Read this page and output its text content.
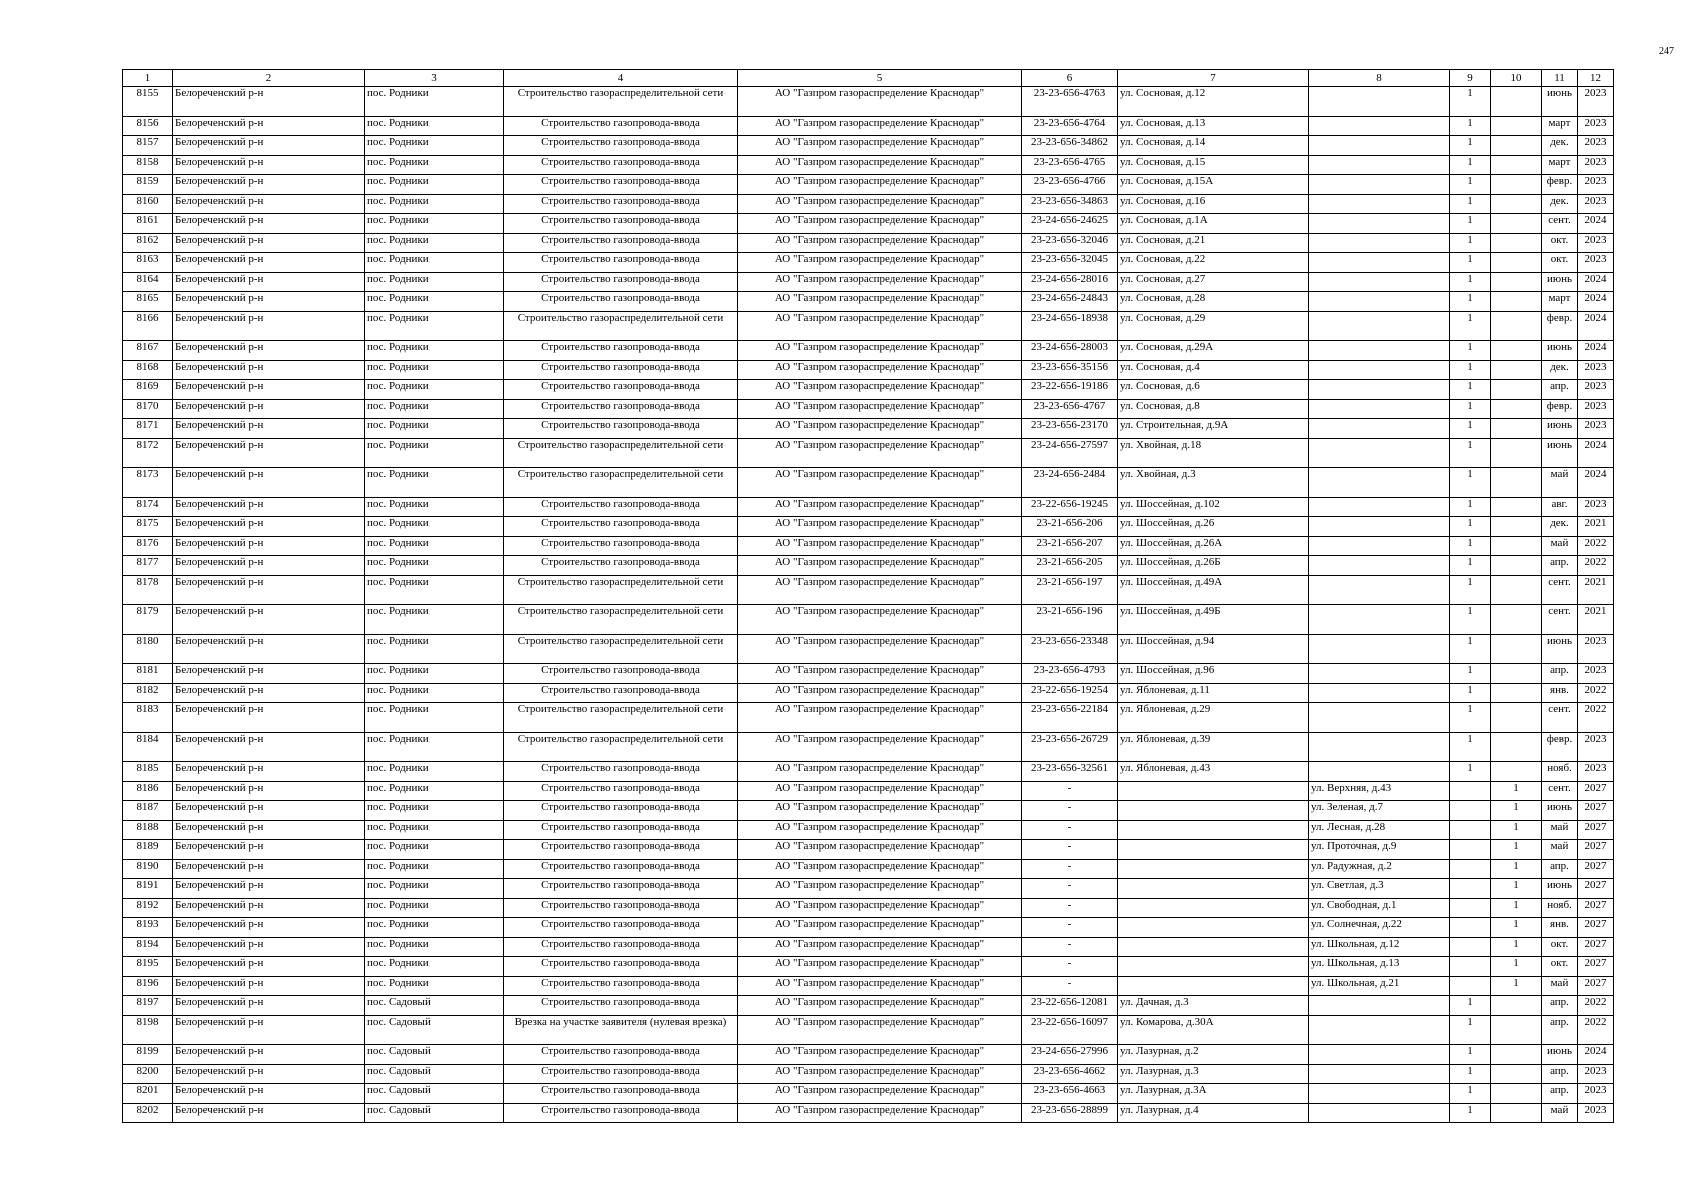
247
1	2	3	4	5	6	7	8	9	10	11	12
8155	Белореченский р-н	пос. Родники	Строительство газораспределительной сети	АО "Газпром газораспределение Краснодар"	23-23-656-4763	ул. Сосновая, д.12		1		июнь	2023
8156	Белореченский р-н	пос. Родники	Строительство газопровода-ввода	АО "Газпром газораспределение Краснодар"	23-23-656-4764	ул. Сосновая, д.13		1		март	2023
8157	Белореченский р-н	пос. Родники	Строительство газопровода-ввода	АО "Газпром газораспределение Краснодар"	23-23-656-34862	ул. Сосновая, д.14		1		дек.	2023
8158	Белореченский р-н	пос. Родники	Строительство газопровода-ввода	АО "Газпром газораспределение Краснодар"	23-23-656-4765	ул. Сосновая, д.15		1		март	2023
8159	Белореченский р-н	пос. Родники	Строительство газопровода-ввода	АО "Газпром газораспределение Краснодар"	23-23-656-4766	ул. Сосновая, д.15А		1		февр.	2023
8160	Белореченский р-н	пос. Родники	Строительство газопровода-ввода	АО "Газпром газораспределение Краснодар"	23-23-656-34863	ул. Сосновая, д.16		1		дек.	2023
8161	Белореченский р-н	пос. Родники	Строительство газопровода-ввода	АО "Газпром газораспределение Краснодар"	23-24-656-24625	ул. Сосновая, д.1А		1		сент.	2024
8162	Белореченский р-н	пос. Родники	Строительство газопровода-ввода	АО "Газпром газораспределение Краснодар"	23-23-656-32046	ул. Сосновая, д.21		1		окт.	2023
8163	Белореченский р-н	пос. Родники	Строительство газопровода-ввода	АО "Газпром газораспределение Краснодар"	23-23-656-32045	ул. Сосновая, д.22		1		окт.	2023
8164	Белореченский р-н	пос. Родники	Строительство газопровода-ввода	АО "Газпром газораспределение Краснодар"	23-24-656-28016	ул. Сосновая, д.27		1		июнь	2024
8165	Белореченский р-н	пос. Родники	Строительство газопровода-ввода	АО "Газпром газораспределение Краснодар"	23-24-656-24843	ул. Сосновая, д.28		1		март	2024
8166	Белореченский р-н	пос. Родники	Строительство газораспределительной сети	АО "Газпром газораспределение Краснодар"	23-24-656-18938	ул. Сосновая, д.29		1		февр.	2024
8167	Белореченский р-н	пос. Родники	Строительство газопровода-ввода	АО "Газпром газораспределение Краснодар"	23-24-656-28003	ул. Сосновая, д.29А		1		июнь	2024
8168	Белореченский р-н	пос. Родники	Строительство газопровода-ввода	АО "Газпром газораспределение Краснодар"	23-23-656-35156	ул. Сосновая, д.4		1		дек.	2023
8169	Белореченский р-н	пос. Родники	Строительство газопровода-ввода	АО "Газпром газораспределение Краснодар"	23-22-656-19186	ул. Сосновая, д.6		1		апр.	2023
8170	Белореченский р-н	пос. Родники	Строительство газопровода-ввода	АО "Газпром газораспределение Краснодар"	23-23-656-4767	ул. Сосновая, д.8		1		февр.	2023
8171	Белореченский р-н	пос. Родники	Строительство газопровода-ввода	АО "Газпром газораспределение Краснодар"	23-23-656-23170	ул. Строительная, д.9А		1		июнь	2023
8172	Белореченский р-н	пос. Родники	Строительство газораспределительной сети	АО "Газпром газораспределение Краснодар"	23-24-656-27597	ул. Хвойная, д.18		1		июнь	2024
8173	Белореченский р-н	пос. Родники	Строительство газораспределительной сети	АО "Газпром газораспределение Краснодар"	23-24-656-2484	ул. Хвойная, д.3		1		май	2024
8174	Белореченский р-н	пос. Родники	Строительство газопровода-ввода	АО "Газпром газораспределение Краснодар"	23-22-656-19245	ул. Шоссейная, д.102		1		авг.	2023
8175	Белореченский р-н	пос. Родники	Строительство газопровода-ввода	АО "Газпром газораспределение Краснодар"	23-21-656-206	ул. Шоссейная, д.26		1		дек.	2021
8176	Белореченский р-н	пос. Родники	Строительство газопровода-ввода	АО "Газпром газораспределение Краснодар"	23-21-656-207	ул. Шоссейная, д.26А		1		май	2022
8177	Белореченский р-н	пос. Родники	Строительство газопровода-ввода	АО "Газпром газораспределение Краснодар"	23-21-656-205	ул. Шоссейная, д.26Б		1		апр.	2022
8178	Белореченский р-н	пос. Родники	Строительство газораспределительной сети	АО "Газпром газораспределение Краснодар"	23-21-656-197	ул. Шоссейная, д.49А		1		сент.	2021
8179	Белореченский р-н	пос. Родники	Строительство газораспределительной сети	АО "Газпром газораспределение Краснодар"	23-21-656-196	ул. Шоссейная, д.49Б		1		сент.	2021
8180	Белореченский р-н	пос. Родники	Строительство газораспределительной сети	АО "Газпром газораспределение Краснодар"	23-23-656-23348	ул. Шоссейная, д.94		1		июнь	2023
8181	Белореченский р-н	пос. Родники	Строительство газопровода-ввода	АО "Газпром газораспределение Краснодар"	23-23-656-4793	ул. Шоссейная, д.96		1		апр.	2023
8182	Белореченский р-н	пос. Родники	Строительство газопровода-ввода	АО "Газпром газораспределение Краснодар"	23-22-656-19254	ул. Яблоневая, д.11		1		янв.	2022
8183	Белореченский р-н	пос. Родники	Строительство газораспределительной сети	АО "Газпром газораспределение Краснодар"	23-23-656-22184	ул. Яблоневая, д.29		1		сент.	2022
8184	Белореченский р-н	пос. Родники	Строительство газораспределительной сети	АО "Газпром газораспределение Краснодар"	23-23-656-26729	ул. Яблоневая, д.39		1		февр.	2023
8185	Белореченский р-н	пос. Родники	Строительство газопровода-ввода	АО "Газпром газораспределение Краснодар"	23-23-656-32561	ул. Яблоневая, д.43		1		нояб.	2023
8186	Белореченский р-н	пос. Родники	Строительство газопровода-ввода	АО "Газпром газораспределение Краснодар"	-		ул. Верхняя, д.43		1	сент.	2027
8187	Белореченский р-н	пос. Родники	Строительство газопровода-ввода	АО "Газпром газораспределение Краснодар"	-		ул. Зеленая, д.7		1	июнь	2027
8188	Белореченский р-н	пос. Родники	Строительство газопровода-ввода	АО "Газпром газораспределение Краснодар"	-		ул. Лесная, д.28		1	май	2027
8189	Белореченский р-н	пос. Родники	Строительство газопровода-ввода	АО "Газпром газораспределение Краснодар"	-		ул. Проточная, д.9		1	май	2027
8190	Белореченский р-н	пос. Родники	Строительство газопровода-ввода	АО "Газпром газораспределение Краснодар"	-		ул. Радужная, д.2		1	апр.	2027
8191	Белореченский р-н	пос. Родники	Строительство газопровода-ввода	АО "Газпром газораспределение Краснодар"	-		ул. Светлая, д.3		1	июнь	2027
8192	Белореченский р-н	пос. Родники	Строительство газопровода-ввода	АО "Газпром газораспределение Краснодар"	-		ул. Свободная, д.1		1	нояб.	2027
8193	Белореченский р-н	пос. Родники	Строительство газопровода-ввода	АО "Газпром газораспределение Краснодар"	-		ул. Солнечная, д.22		1	янв.	2027
8194	Белореченский р-н	пос. Родники	Строительство газопровода-ввода	АО "Газпром газораспределение Краснодар"	-		ул. Школьная, д.12		1	окт.	2027
8195	Белореченский р-н	пос. Родники	Строительство газопровода-ввода	АО "Газпром газораспределение Краснодар"	-		ул. Школьная, д.13		1	окт.	2027
8196	Белореченский р-н	пос. Родники	Строительство газопровода-ввода	АО "Газпром газораспределение Краснодар"	-		ул. Школьная, д.21		1	май	2027
8197	Белореченский р-н	пос. Садовый	Строительство газопровода-ввода	АО "Газпром газораспределение Краснодар"	23-22-656-12081	ул. Дачная, д.3		1		апр.	2022
8198	Белореченский р-н	пос. Садовый	Врезка на участке заявителя (нулевая врезка)	АО "Газпром газораспределение Краснодар"	23-22-656-16097	ул. Комарова, д.30А		1		апр.	2022
8199	Белореченский р-н	пос. Садовый	Строительство газопровода-ввода	АО "Газпром газораспределение Краснодар"	23-24-656-27996	ул. Лазурная, д.2		1		июнь	2024
8200	Белореченский р-н	пос. Садовый	Строительство газопровода-ввода	АО "Газпром газораспределение Краснодар"	23-23-656-4662	ул. Лазурная, д.3		1		апр.	2023
8201	Белореченский р-н	пос. Садовый	Строительство газопровода-ввода	АО "Газпром газораспределение Краснодар"	23-23-656-4663	ул. Лазурная, д.3А		1		апр.	2023
8202	Белореченский р-н	пос. Садовый	Строительство газопровода-ввода	АО "Газпром газораспределение Краснодар"	23-23-656-28899	ул. Лазурная, д.4		1		май	2023
